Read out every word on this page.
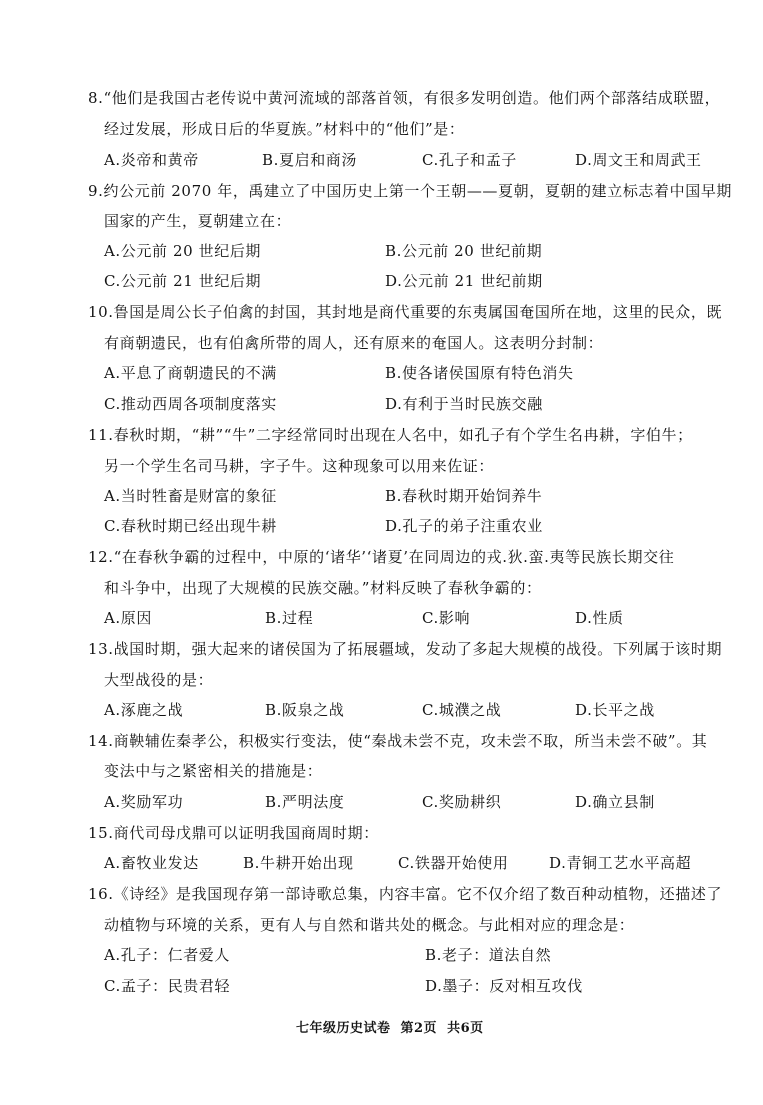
8.“他们是我国古老传说中黄河流域的部落首领，有很多发明创造。他们两个部落结成联盟，
经过发展，形成日后的华夏族。”材料中的“他们”是：
A.炎帝和黄帝	B.夏启和商汤	C.孔子和孟子	D.周文王和周武王
9.约公元前 2070 年，禹建立了中国历史上第一个王朝——夏朝，夏朝的建立标志着中国早期
国家的产生，夏朝建立在：
A.公元前 20 世纪后期	B.公元前 20 世纪前期
C.公元前 21 世纪后期	D.公元前 21 世纪前期
10.鲁国是周公长子伯禽的封国，其封地是商代重要的东夷属国奄国所在地，这里的民众，既
有商朝遗民，也有伯禽所带的周人，还有原来的奄国人。这表明分封制：
A.平息了商朝遗民的不满	B.使各诸侯国原有特色消失
C.推动西周各项制度落实	D.有利于当时民族交融
11.春秋时期，“耕”“牛”二字经常同时出现在人名中，如孔子有个学生名冉耕，字伯牛；
另一个学生名司马耕，字子牛。这种现象可以用来佐证：
A.当时牲畜是财富的象征	B.春秋时期开始饲养牛
C.春秋时期已经出现牛耕	D.孔子的弟子注重农业
12.“在春秋争霸的过程中，中原的‘诸华’‘诸夏’在同周边的戎.狄.蛮.夷等民族长期交往
和斗争中，出现了大规模的民族交融。”材料反映了春秋争霸的：
A.原因	B.过程	C.影响	D.性质
13.战国时期，强大起来的诸侯国为了拓展疆域，发动了多起大规模的战役。下列属于该时期
大型战役的是：
A.涿鹿之战	B.阪泉之战	C.城濮之战	D.长平之战
14.商鞅辅佐秦孝公，积极实行变法，使“秦战未尝不克，攻未尝不取，所当未尝不破”。其
变法中与之紧密相关的措施是：
A.奖励军功	B.严明法度	C.奖励耕织	D.确立县制
15.商代司母戊鼎可以证明我国商周时期：
A.畜牧业发达	B.牛耕开始出现	C.铁器开始使用	D.青铜工艺水平高超
16.《诗经》是我国现存第一部诗歌总集，内容丰富。它不仅介绍了数百种动植物，还描述了
动植物与环境的关系，更有人与自然和谐共处的概念。与此相对应的理念是：
A.孔子：仁者爱人	B.老子：道法自然
C.孟子：民贵君轻	D.墨子：反对相互攻伐
七年级历史试卷 第2页 共6页
